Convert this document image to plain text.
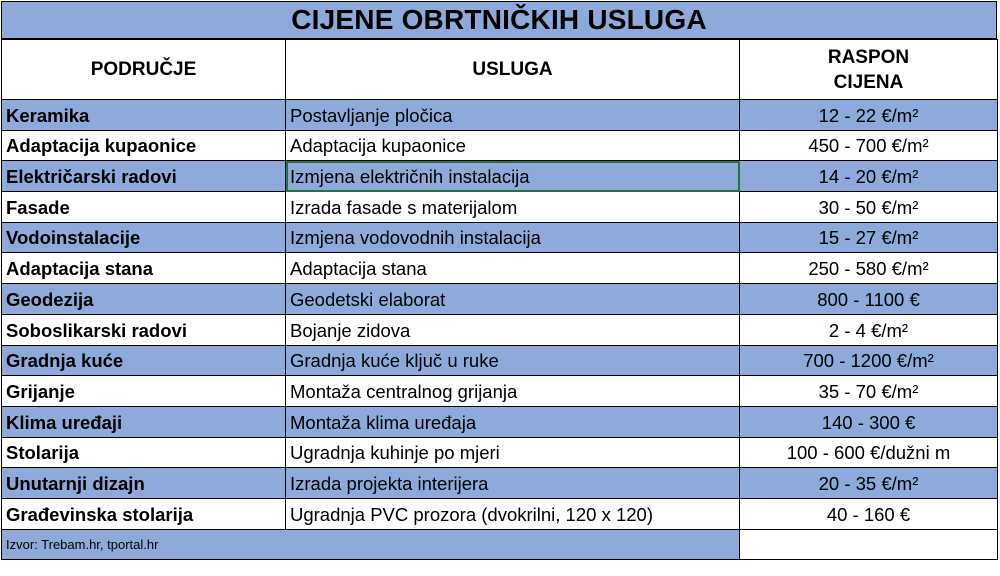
CIJENE OBRTNIČKIH USLUGA
PODRUČJE	USLUGA	RASPON
CIJENA
Keramika	Postavljanje pločica	12 - 22 €/m²
Adaptacija kupaonice	Adaptacija kupaonice	450 - 700 €/m²
Električarski radovi	Izmjena električnih instalacija	14 - 20 €/m²
Fasade	Izrada fasade s materijalom	30 - 50 €/m²
Vodoinstalacije	Izmjena vodovodnih instalacija	15 - 27 €/m²
Adaptacija stana	Adaptacija stana	250 - 580 €/m²
Geodezija	Geodetski elaborat	800 - 1100 €
Soboslikarski radovi	Bojanje zidova	2 - 4 €/m²
Gradnja kuće	Gradnja kuće ključ u ruke	700 - 1200 €/m²
Grijanje	Montaža centralnog grijanja	35 - 70 €/m²
Klima uređaji	Montaža klima uređaja	140 - 300 €
Stolarija	Ugradnja kuhinje po mjeri	100 - 600 €/dužni m
Unutarnji dizajn	Izrada projekta interijera	20 - 35 €/m²
Građevinska stolarija	Ugradnja PVC prozora (dvokrilni, 120 x 120)	40 - 160 €
Izvor: Trebam.hr, tportal.hr		
